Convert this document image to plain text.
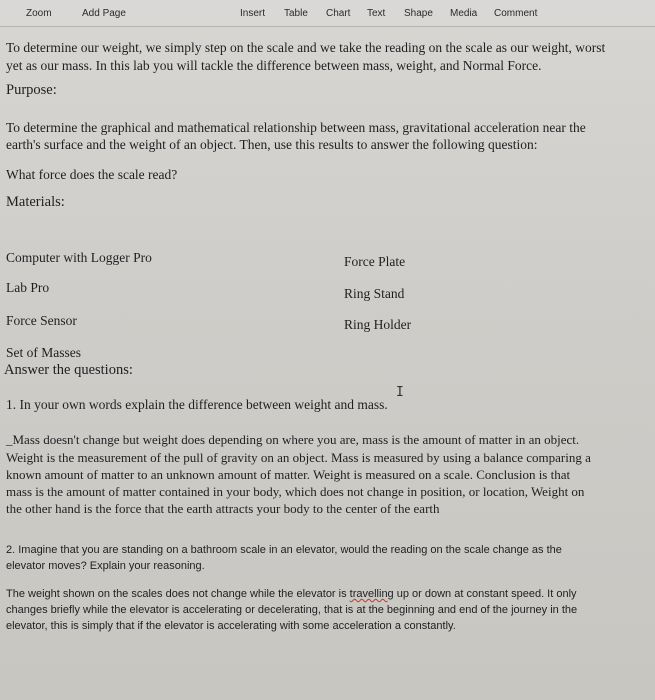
Zoom	Add Page	Insert Table Chart Text Shape Media Comment
To determine our weight, we simply step on the scale and we take the reading on the scale as our weight, worst
yet as our mass. In this lab you will tackle the difference between mass, weight, and Normal Force.
Purpose:
To determine the graphical and mathematical relationship between mass, gravitational acceleration near the
earth's surface and the weight of an object. Then, use this results to answer the following question:
What force does the scale read?
Materials:
Computer with Logger Pro
Lab Pro
Force Sensor
Set of Masses
Force Plate
Ring Stand
Ring Holder
Answer the questions:
I
1. In your own words explain the difference between weight and mass.
_Mass doesn't change but weight does depending on where you are, mass is the amount of matter in an object.
Weight is the measurement of the pull of gravity on an object. Mass is measured by using a balance comparing a
known amount of matter to an unknown amount of matter. Weight is measured on a scale. Conclusion is that
mass is the amount of matter contained in your body, which does not change in position, or location, Weight on
the other hand is the force that the earth attracts your body to the center of the earth
2. Imagine that you are standing on a bathroom scale in an elevator, would the reading on the scale change as the
elevator moves? Explain your reasoning.
The weight shown on the scales does not change while the elevator is travelling up or down at constant speed. It only
changes briefly while the elevator is accelerating or decelerating, that is at the beginning and end of the journey in the
elevator, this is simply that if the elevator is accelerating with some acceleration a constantly.
